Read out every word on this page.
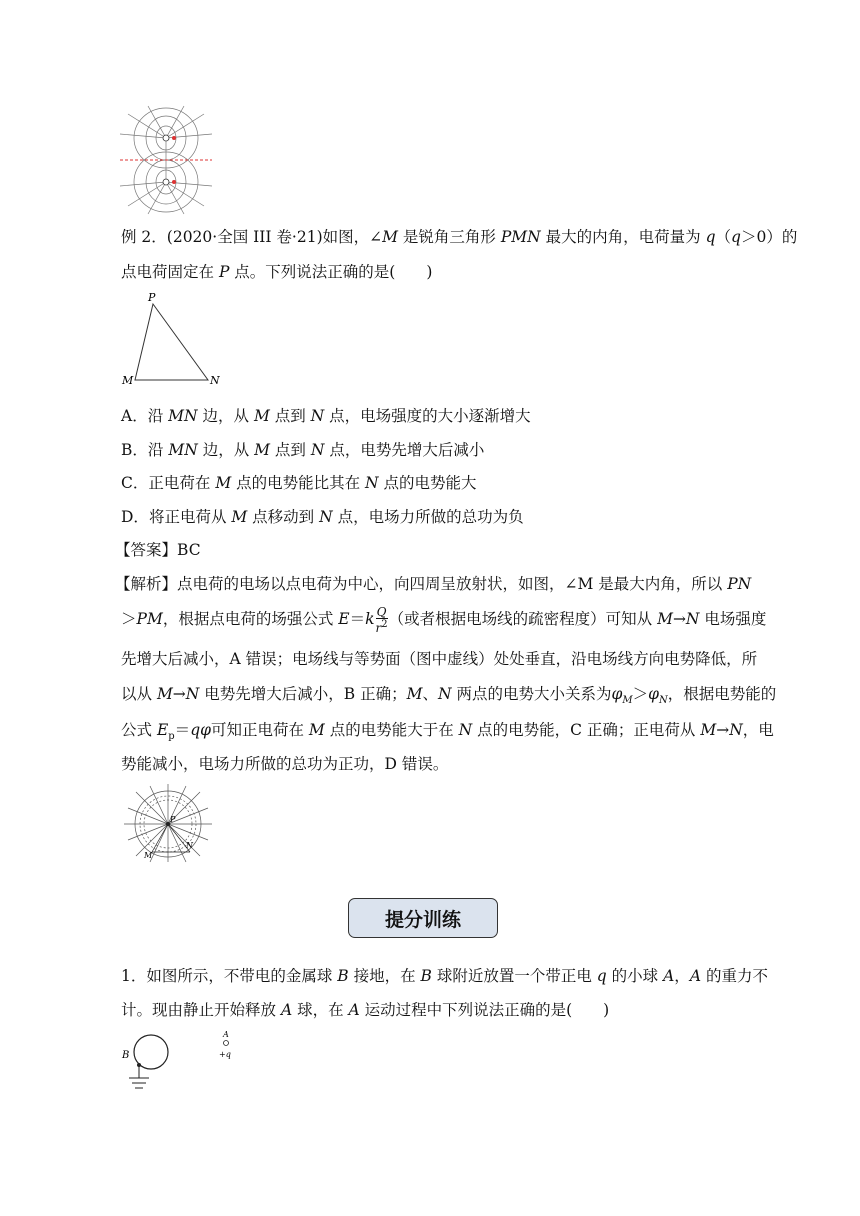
例 2．(2020·全国 III 卷·21)如图，∠M 是锐角三角形 PMN 最大的内角，电荷量为 q（q＞0）的
点电荷固定在 P 点。下列说法正确的是(　　)
P
M	N
A．沿 MN 边，从 M 点到 N 点，电场强度的大小逐渐增大
B．沿 MN 边，从 M 点到 N 点，电势先增大后减小
C．正电荷在 M 点的电势能比其在 N 点的电势能大
D．将正电荷从 M 点移动到 N 点，电场力所做的总功为负
【答案】BC
【解析】点电荷的电场以点电荷为中心，向四周呈放射状，如图，∠M 是最大内角，所以 PN
＞PM，根据点电荷的场强公式 $E=k \frac{Q}{r^2}$ （或者根据电场线的疏密程度）可知从 M→N 电场强度
先增大后减小，A 错误；电场线与等势面（图中虚线）处处垂直，沿电场线方向电势降低，所
以从 M→N 电势先增大后减小，B 正确；M、N 两点的电势大小关系为$\varphi_M>\varphi_N$，根据电势能的
公式 $E_p=q\varphi$可知正电荷在 M 点的电势能大于在 N 点的电势能，C 正确；正电荷从 M→N，电
势能减小，电场力所做的总功为正功，D 错误。
P
M
N
提分训练
1．如图所示，不带电的金属球 B 接地，在 B 球附近放置一个带正电 q 的小球 A，A 的重力不
计。现由静止开始释放 A 球，在 A 运动过程中下列说法正确的是(　　)
B
A
+q
